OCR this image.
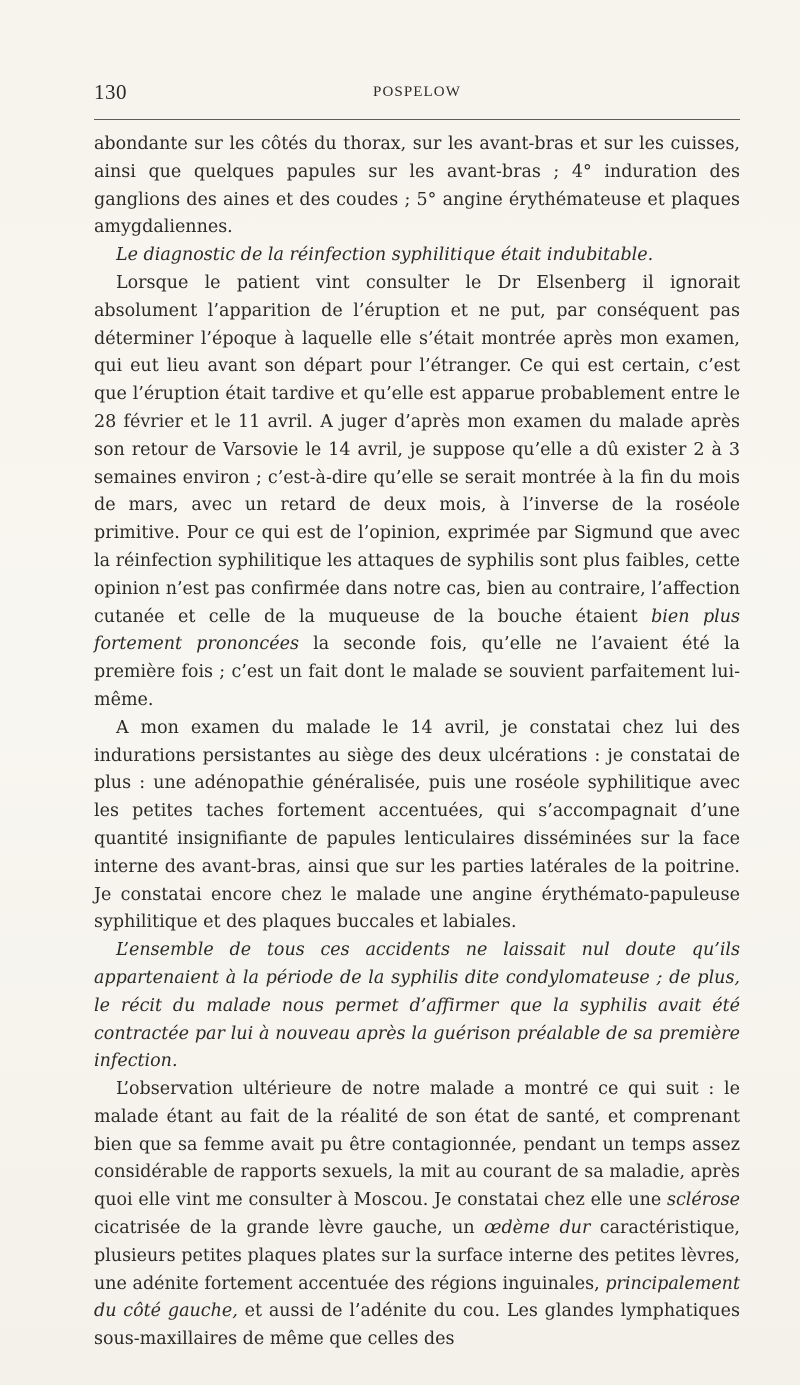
130	POSPELOW

abondante sur les côtés du thorax, sur les avant-bras et sur les cuisses, ainsi que quelques papules sur les avant-bras ; 4° induration des ganglions des aines et des coudes ; 5° angine érythémateuse et plaques amygdaliennes.

Le diagnostic de la réinfection syphilitique était indubitable.

Lorsque le patient vint consulter le Dr Elsenberg il ignorait absolument l’apparition de l’éruption et ne put, par conséquent pas déterminer l’époque à laquelle elle s’était montrée après mon examen, qui eut lieu avant son départ pour l’étranger. Ce qui est certain, c’est que l’éruption était tardive et qu’elle est apparue probablement entre le 28 février et le 11 avril. A juger d’après mon examen du malade après son retour de Varsovie le 14 avril, je suppose qu’elle a dû exister 2 à 3 semaines environ ; c’est-à-dire qu’elle se serait montrée à la fin du mois de mars, avec un retard de deux mois, à l’inverse de la roséole primitive. Pour ce qui est de l’opinion, exprimée par Sigmund que avec la réinfection syphilitique les attaques de syphilis sont plus faibles, cette opinion n’est pas confirmée dans notre cas, bien au contraire, l’affection cutanée et celle de la muqueuse de la bouche étaient bien plus fortement prononcées la seconde fois, qu’elle ne l’avaient été la première fois ; c’est un fait dont le malade se souvient parfaitement lui-même.

A mon examen du malade le 14 avril, je constatai chez lui des indurations persistantes au siège des deux ulcérations : je constatai de plus : une adénopathie généralisée, puis une roséole syphilitique avec les petites taches fortement accentuées, qui s’accompagnait d’une quantité insignifiante de papules lenticulaires disséminées sur la face interne des avant-bras, ainsi que sur les parties latérales de la poitrine. Je constatai encore chez le malade une angine érythémato-papuleuse syphilitique et des plaques buccales et labiales.

L’ensemble de tous ces accidents ne laissait nul doute qu’ils appartenaient à la période de la syphilis dite condylomateuse ; de plus, le récit du malade nous permet d’affirmer que la syphilis avait été contractée par lui à nouveau après la guérison préalable de sa première infection.

L’observation ultérieure de notre malade a montré ce qui suit : le malade étant au fait de la réalité de son état de santé, et comprenant bien que sa femme avait pu être contagionnée, pendant un temps assez considérable de rapports sexuels, la mit au courant de sa maladie, après quoi elle vint me consulter à Moscou. Je constatai chez elle une sclérose cicatrisée de la grande lèvre gauche, un œdème dur caractéristique, plusieurs petites plaques plates sur la surface interne des petites lèvres, une adénite fortement accentuée des régions inguinales, principalement du côté gauche, et aussi de l’adénite du cou. Les glandes lymphatiques sous-maxillaires de même que celles des
